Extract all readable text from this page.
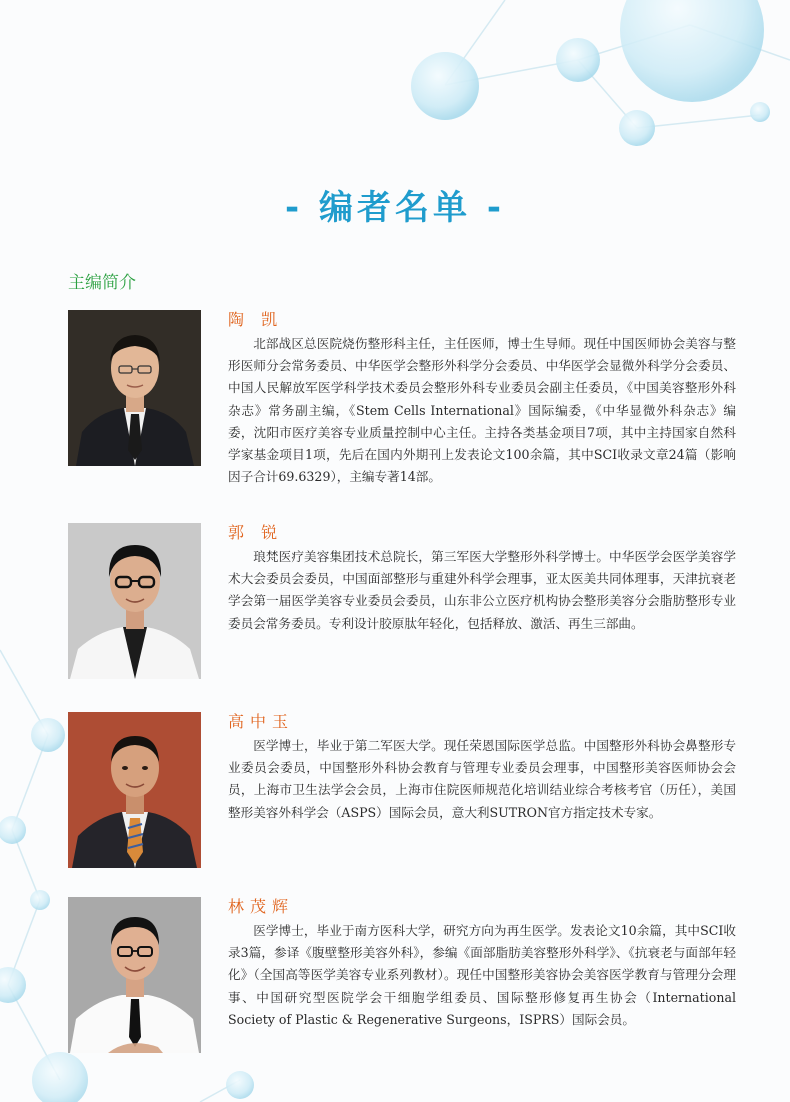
- 编者名单 -
主编简介
陶 凯

北部战区总医院烧伤整形科主任，主任医师，博士生导师。现任中国医师协会美容与整形医师分会常务委员、中华医学会整形外科学分会委员、中华医学会显微外科学分会委员、中国人民解放军医学科学技术委员会整形外科专业委员会副主任委员，《中国美容整形外科杂志》常务副主编，《Stem Cells International》国际编委，《中华显微外科杂志》编委，沈阳市医疗美容专业质量控制中心主任。主持各类基金项目7项，其中主持国家自然科学家基金项目1项，先后在国内外期刊上发表论文100余篇，其中SCI收录文章24篇（影响因子合计69.6329），主编专著14部。

郭 锐

琅梵医疗美容集团技术总院长，第三军医大学整形外科学博士。中华医学会医学美容学术大会委员会委员，中国面部整形与重建外科学会理事，亚太医美共同体理事，天津抗衰老学会第一届医学美容专业委员会委员，山东非公立医疗机构协会整形美容分会脂肪整形专业委员会常务委员。专利设计胶原肽年轻化，包括释放、激活、再生三部曲。

高中玉

医学博士，毕业于第二军医大学。现任荣恩国际医学总监。中国整形外科协会鼻整形专业委员会委员，中国整形外科协会教育与管理专业委员会理事，中国整形美容医师协会会员，上海市卫生法学会会员，上海市住院医师规范化培训结业综合考核考官（历任），美国整形美容外科学会（ASPS）国际会员，意大利SUTRON官方指定技术专家。

林茂辉

医学博士，毕业于南方医科大学，研究方向为再生医学。发表论文10余篇，其中SCI收录3篇，参译《腹壁整形美容外科》，参编《面部脂肪美容整形外科学》、《抗衰老与面部年轻化》（全国高等医学美容专业系列教材）。现任中国整形美容协会美容医学教育与管理分会理事、中国研究型医院学会干细胞学组委员、国际整形修复再生协会（International Society of Plastic & Regenerative Surgeons，ISPRS）国际会员。
